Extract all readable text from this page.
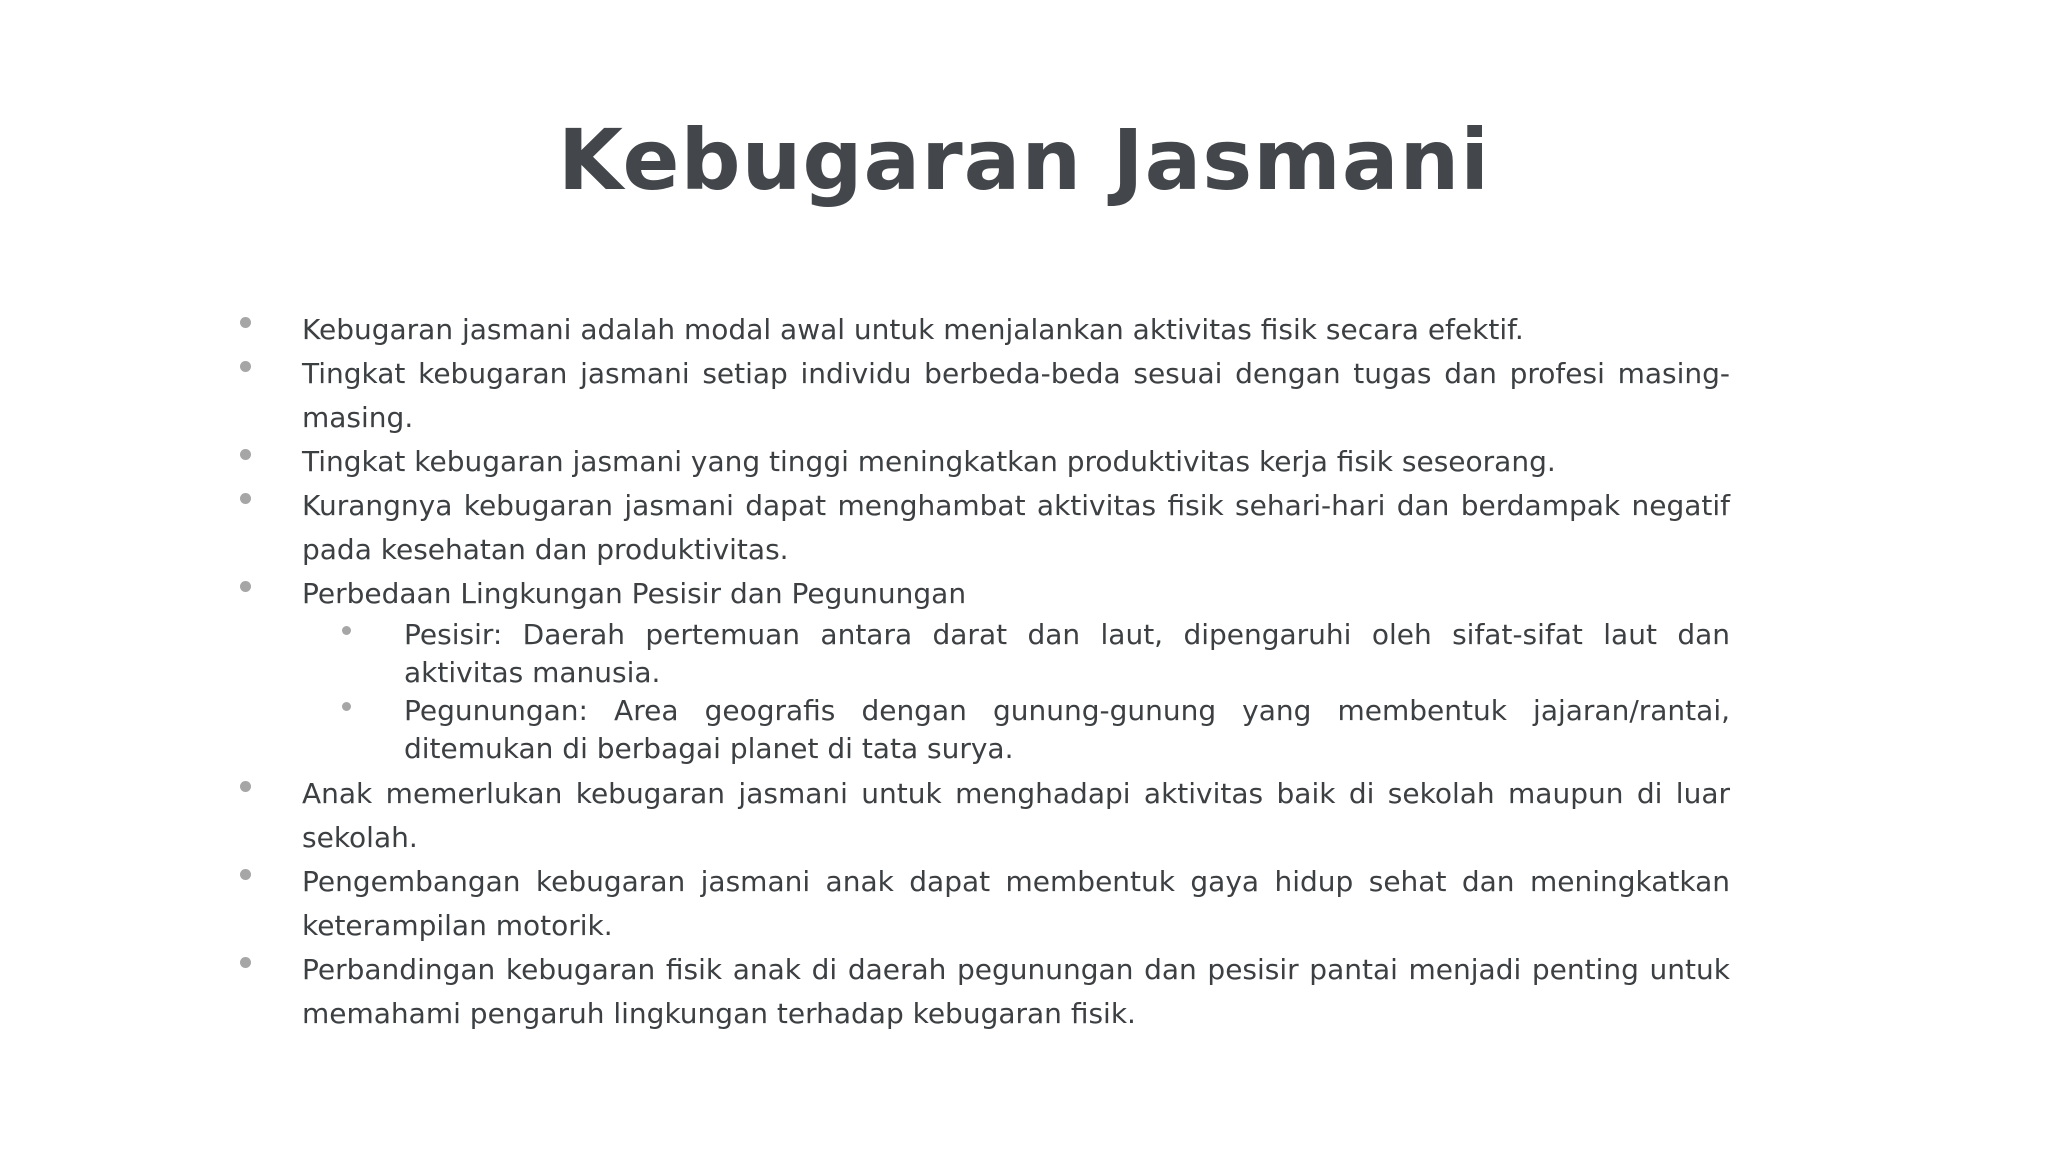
Kebugaran Jasmani
Kebugaran jasmani adalah modal awal untuk menjalankan aktivitas fisik secara efektif.
Tingkat kebugaran jasmani setiap individu berbeda-beda sesuai dengan tugas dan profesi masing-masing.
Tingkat kebugaran jasmani yang tinggi meningkatkan produktivitas kerja fisik seseorang.
Kurangnya kebugaran jasmani dapat menghambat aktivitas fisik sehari-hari dan berdampak negatif pada kesehatan dan produktivitas.
Perbedaan Lingkungan Pesisir dan Pegunungan
Pesisir: Daerah pertemuan antara darat dan laut, dipengaruhi oleh sifat-sifat laut dan aktivitas manusia.
Pegunungan: Area geografis dengan gunung-gunung yang membentuk jajaran/rantai, ditemukan di berbagai planet di tata surya.
Anak memerlukan kebugaran jasmani untuk menghadapi aktivitas baik di sekolah maupun di luar sekolah.
Pengembangan kebugaran jasmani anak dapat membentuk gaya hidup sehat dan meningkatkan keterampilan motorik.
Perbandingan kebugaran fisik anak di daerah pegunungan dan pesisir pantai menjadi penting untuk memahami pengaruh lingkungan terhadap kebugaran fisik.
